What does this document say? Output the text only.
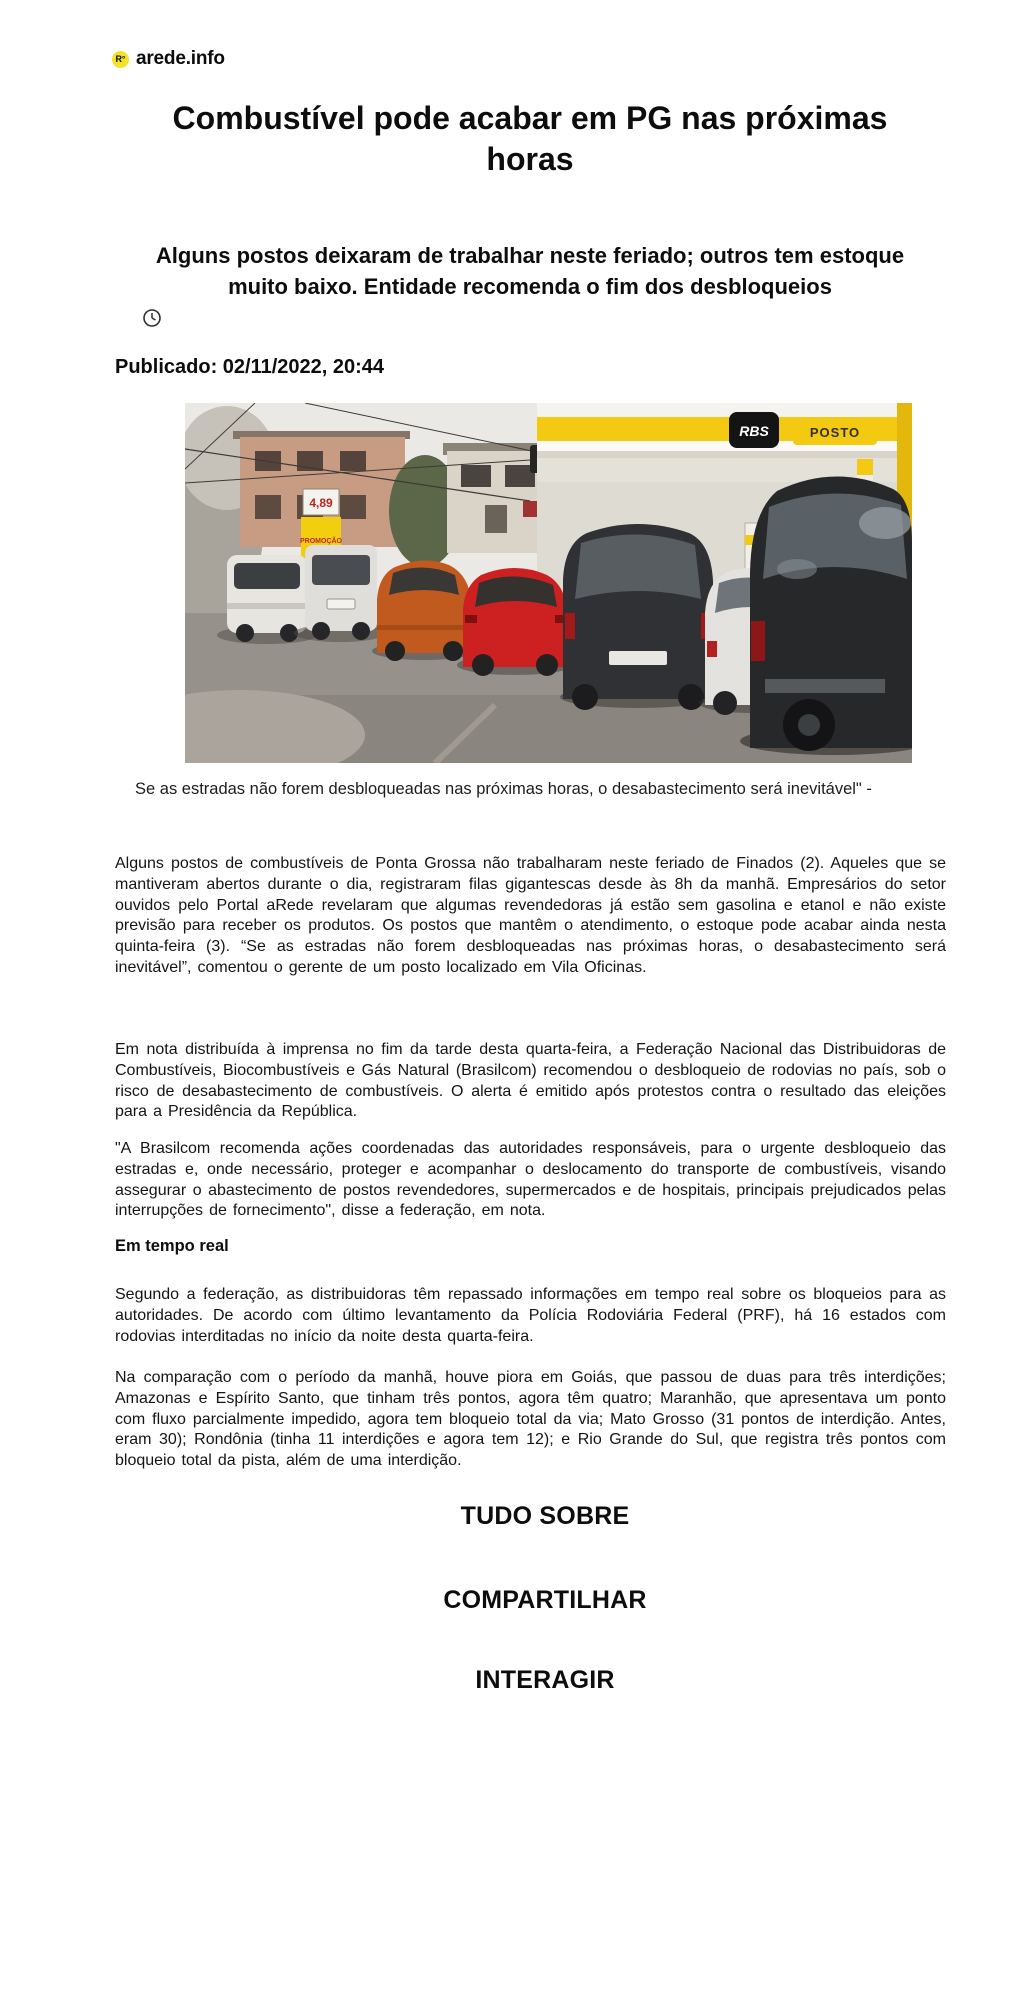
R° arede.info
Combustível pode acabar em PG nas próximas horas
Alguns postos deixaram de trabalhar neste feriado; outros tem estoque muito baixo. Entidade recomenda o fim dos desbloqueios
Publicado: 02/11/2022, 20:44
4,89
PROMOÇÃO
RBS	POSTO
Se as estradas não forem desbloqueadas nas próximas horas, o desabastecimento será inevitável" -

Alguns postos de combustíveis de Ponta Grossa não trabalharam neste feriado de Finados (2). Aqueles que se mantiveram abertos durante o dia, registraram filas gigantescas desde às 8h da manhã. Empresários do setor ouvidos pelo Portal aRede revelaram que algumas revendedoras já estão sem gasolina e etanol e não existe previsão para receber os produtos. Os postos que mantêm o atendimento, o estoque pode acabar ainda nesta quinta-feira (3). “Se as estradas não forem desbloqueadas nas próximas horas, o desabastecimento será inevitável”, comentou o gerente de um posto localizado em Vila Oficinas.

Em nota distribuída à imprensa no fim da tarde desta quarta-feira, a Federação Nacional das Distribuidoras de Combustíveis, Biocombustíveis e Gás Natural (Brasilcom) recomendou o desbloqueio de rodovias no país, sob o risco de desabastecimento de combustíveis. O alerta é emitido após protestos contra o resultado das eleições para a Presidência da República.

"A Brasilcom recomenda ações coordenadas das autoridades responsáveis, para o urgente desbloqueio das estradas e, onde necessário, proteger e acompanhar o deslocamento do transporte de combustíveis, visando assegurar o abastecimento de postos revendedores, supermercados e de hospitais, principais prejudicados pelas interrupções de fornecimento", disse a federação, em nota.

Em tempo real

Segundo a federação, as distribuidoras têm repassado informações em tempo real sobre os bloqueios para as autoridades. De acordo com último levantamento da Polícia Rodoviária Federal (PRF), há 16 estados com rodovias interditadas no início da noite desta quarta-feira.

Na comparação com o período da manhã, houve piora em Goiás, que passou de duas para três interdições; Amazonas e Espírito Santo, que tinham três pontos, agora têm quatro; Maranhão, que apresentava um ponto com fluxo parcialmente impedido, agora tem bloqueio total da via; Mato Grosso (31 pontos de interdição. Antes, eram 30); Rondônia (tinha 11 interdições e agora tem 12); e Rio Grande do Sul, que registra três pontos com bloqueio total da pista, além de uma interdição.

TUDO SOBRE
COMPARTILHAR
INTERAGIR
